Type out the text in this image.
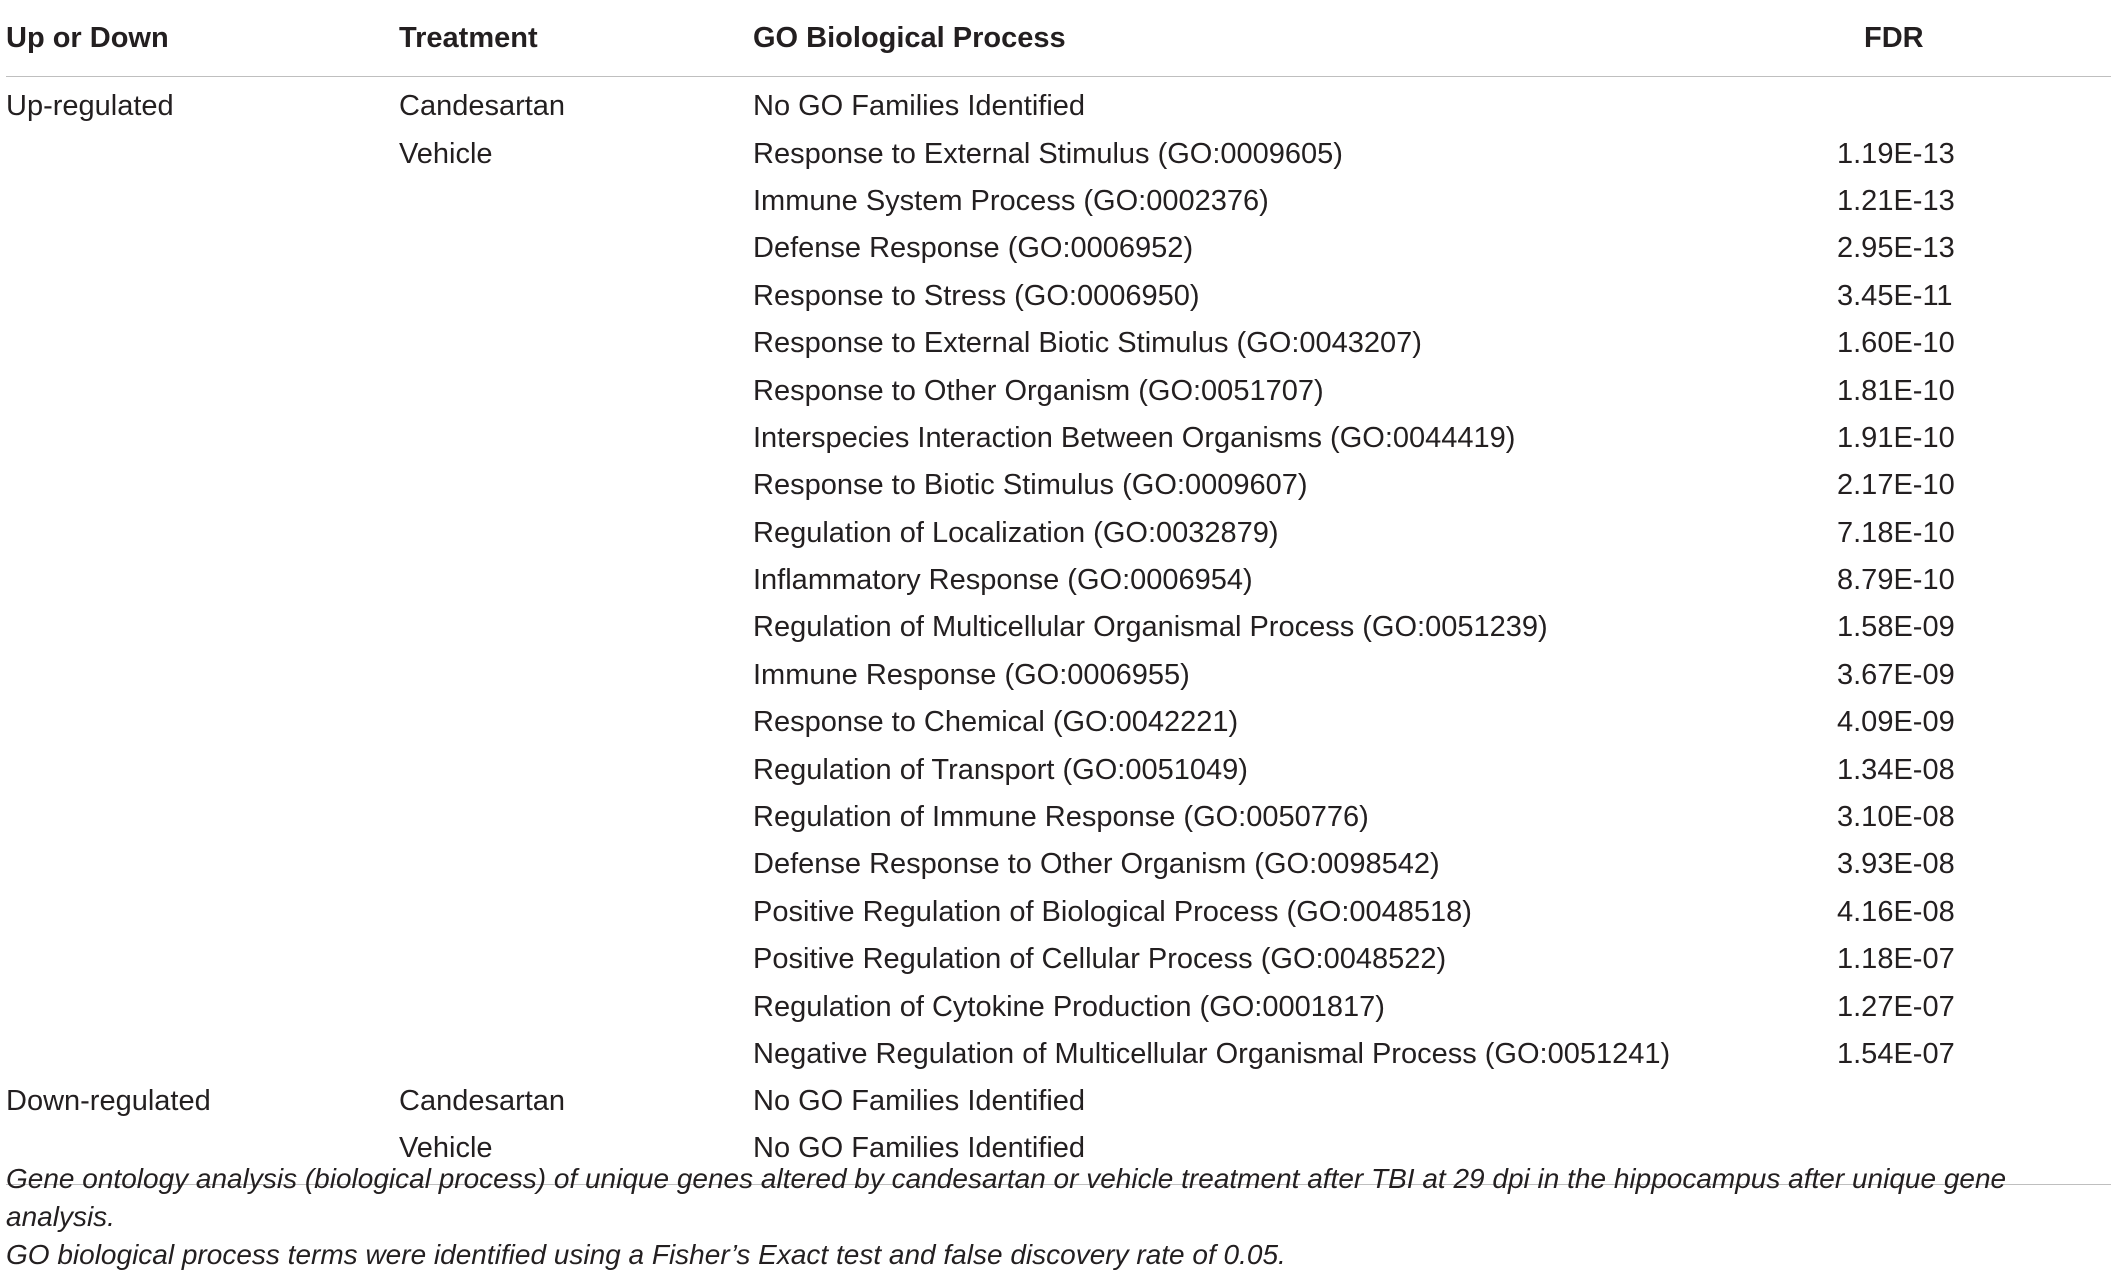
Up or Down	Treatment	GO Biological Process	FDR
Up-regulated	Candesartan	No GO Families Identified	
	Vehicle	Response to External Stimulus (GO:0009605)	1.19E-13
		Immune System Process (GO:0002376)	1.21E-13
		Defense Response (GO:0006952)	2.95E-13
		Response to Stress (GO:0006950)	3.45E-11
		Response to External Biotic Stimulus (GO:0043207)	1.60E-10
		Response to Other Organism (GO:0051707)	1.81E-10
		Interspecies Interaction Between Organisms (GO:0044419)	1.91E-10
		Response to Biotic Stimulus (GO:0009607)	2.17E-10
		Regulation of Localization (GO:0032879)	7.18E-10
		Inflammatory Response (GO:0006954)	8.79E-10
		Regulation of Multicellular Organismal Process (GO:0051239)	1.58E-09
		Immune Response (GO:0006955)	3.67E-09
		Response to Chemical (GO:0042221)	4.09E-09
		Regulation of Transport (GO:0051049)	1.34E-08
		Regulation of Immune Response (GO:0050776)	3.10E-08
		Defense Response to Other Organism (GO:0098542)	3.93E-08
		Positive Regulation of Biological Process (GO:0048518)	4.16E-08
		Positive Regulation of Cellular Process (GO:0048522)	1.18E-07
		Regulation of Cytokine Production (GO:0001817)	1.27E-07
		Negative Regulation of Multicellular Organismal Process (GO:0051241)	1.54E-07
Down-regulated	Candesartan	No GO Families Identified	
	Vehicle	No GO Families Identified	

Gene ontology analysis (biological process) of unique genes altered by candesartan or vehicle treatment after TBI at 29 dpi in the hippocampus after unique gene analysis.

GO biological process terms were identified using a Fisher’s Exact test and false discovery rate of 0.05.
